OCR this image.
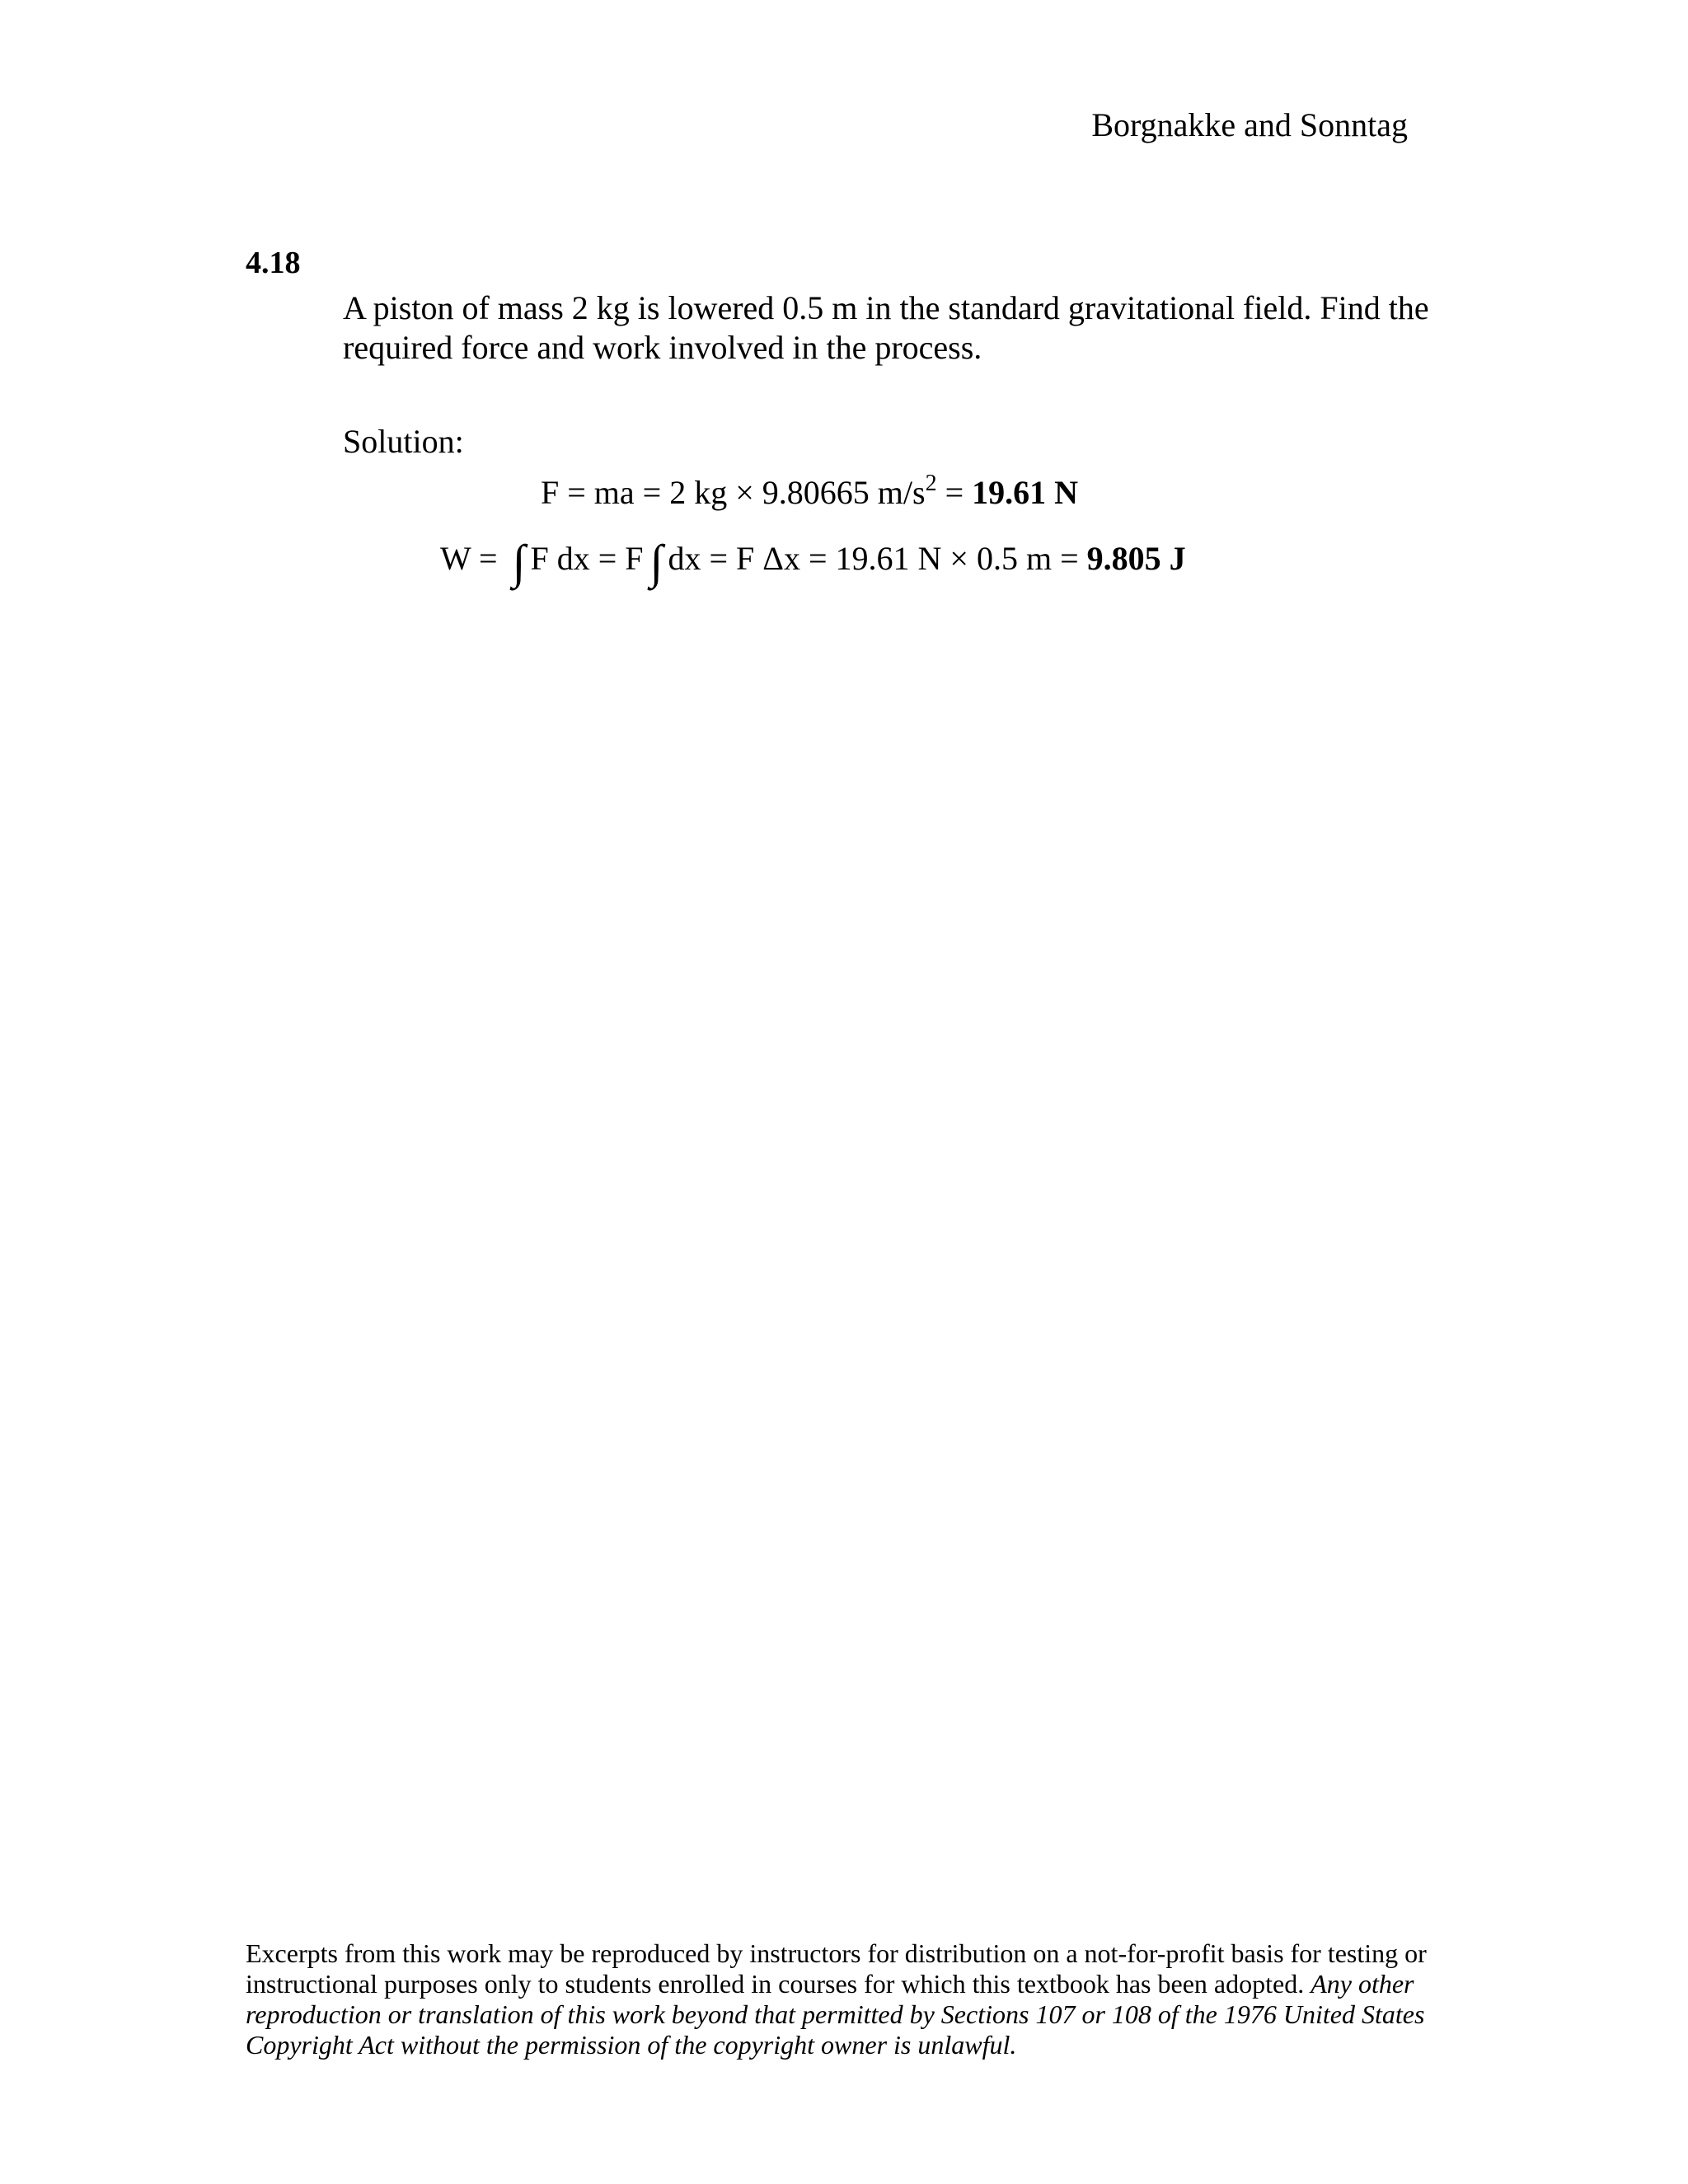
Borgnakke and Sonntag
4.18
A piston of mass 2 kg is lowered 0.5 m in the standard gravitational field. Find the required force and work involved in the process.
Solution:
F = ma = 2 kg × 9.80665 $m/s^2 = 19.61$ N
W = ∫ F dx = F ∫ dx = F Δx = 19.61 N × 0.5 m = 9.805 J
Excerpts from this work may be reproduced by instructors for distribution on a not-for-profit basis for testing or instructional purposes only to students enrolled in courses for which this textbook has been adopted. Any other reproduction or translation of this work beyond that permitted by Sections 107 or 108 of the 1976 United States Copyright Act without the permission of the copyright owner is unlawful.
